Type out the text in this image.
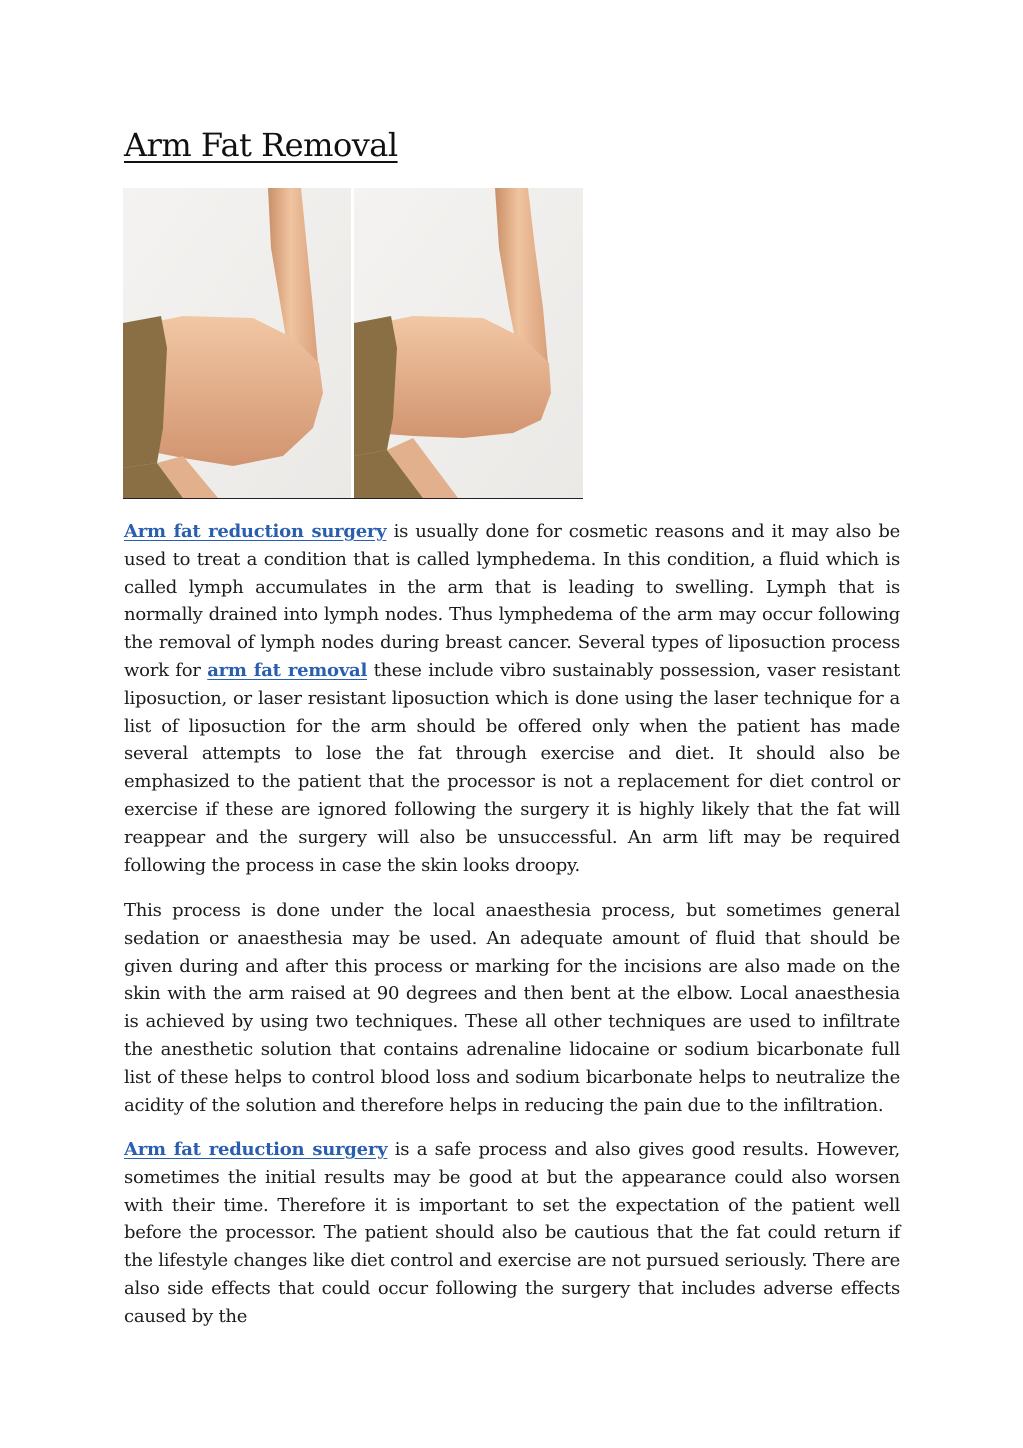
Arm Fat Removal

Arm fat reduction surgery is usually done for cosmetic reasons and it may also be used to treat a condition that is called lymphedema. In this condition, a fluid which is called lymph accumulates in the arm that is leading to swelling. Lymph that is normally drained into lymph nodes. Thus lymphedema of the arm may occur following the removal of lymph nodes during breast cancer. Several types of liposuction process work for arm fat removal these include vibro sustainably possession, vaser resistant liposuction, or laser resistant liposuction which is done using the laser technique for a list of liposuction for the arm should be offered only when the patient has made several attempts to lose the fat through exercise and diet. It should also be emphasized to the patient that the processor is not a replacement for diet control or exercise if these are ignored following the surgery it is highly likely that the fat will reappear and the surgery will also be unsuccessful. An arm lift may be required following the process in case the skin looks droopy.

This process is done under the local anaesthesia process, but sometimes general sedation or anaesthesia may be used. An adequate amount of fluid that should be given during and after this process or marking for the incisions are also made on the skin with the arm raised at 90 degrees and then bent at the elbow. Local anaesthesia is achieved by using two techniques. These all other techniques are used to infiltrate the anesthetic solution that contains adrenaline lidocaine or sodium bicarbonate full list of these helps to control blood loss and sodium bicarbonate helps to neutralize the acidity of the solution and therefore helps in reducing the pain due to the infiltration.

Arm fat reduction surgery is a safe process and also gives good results. However, sometimes the initial results may be good at but the appearance could also worsen with their time. Therefore it is important to set the expectation of the patient well before the processor. The patient should also be cautious that the fat could return if the lifestyle changes like diet control and exercise are not pursued seriously. There are also side effects that could occur following the surgery that includes adverse effects caused by the
